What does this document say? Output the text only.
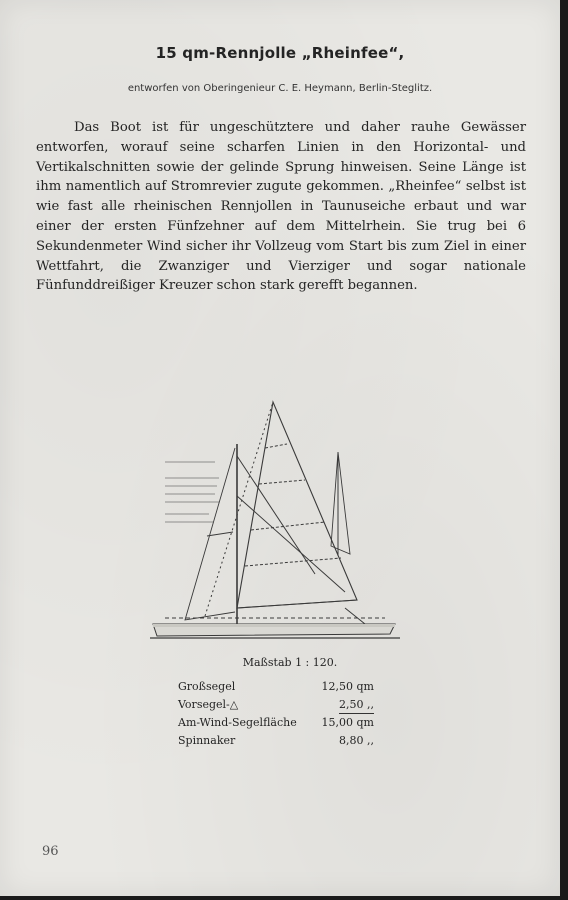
15 qm-Rennjolle „Rheinfee“,
entworfen von Oberingenieur C. E. Heymann, Berlin-Steglitz.
Das Boot ist für ungeschütztere und daher rauhe Gewässer entworfen, worauf seine scharfen Linien in den Horizontal- und Vertikalschnitten sowie der gelinde Sprung hinweisen. Seine Länge ist ihm namentlich auf Stromrevier zugute gekommen. „Rheinfee“ selbst ist wie fast alle rheinischen Rennjollen in Taunuseiche erbaut und war einer der ersten Fünfzehner auf dem Mittelrhein. Sie trug bei 6 Sekundenmeter Wind sicher ihr Vollzeug vom Start bis zum Ziel in einer Wettfahrt, die Zwanziger und Vierziger und sogar nationale Fünfunddreißiger Kreuzer schon stark gerefft begannen.
Maßstab 1 : 120.
Großsegel	12,50 qm
Vorsegel-△	2,50 ,,
Am-Wind-Segelfläche 15,00 qm
Spinnaker	8,80 ,,
96
